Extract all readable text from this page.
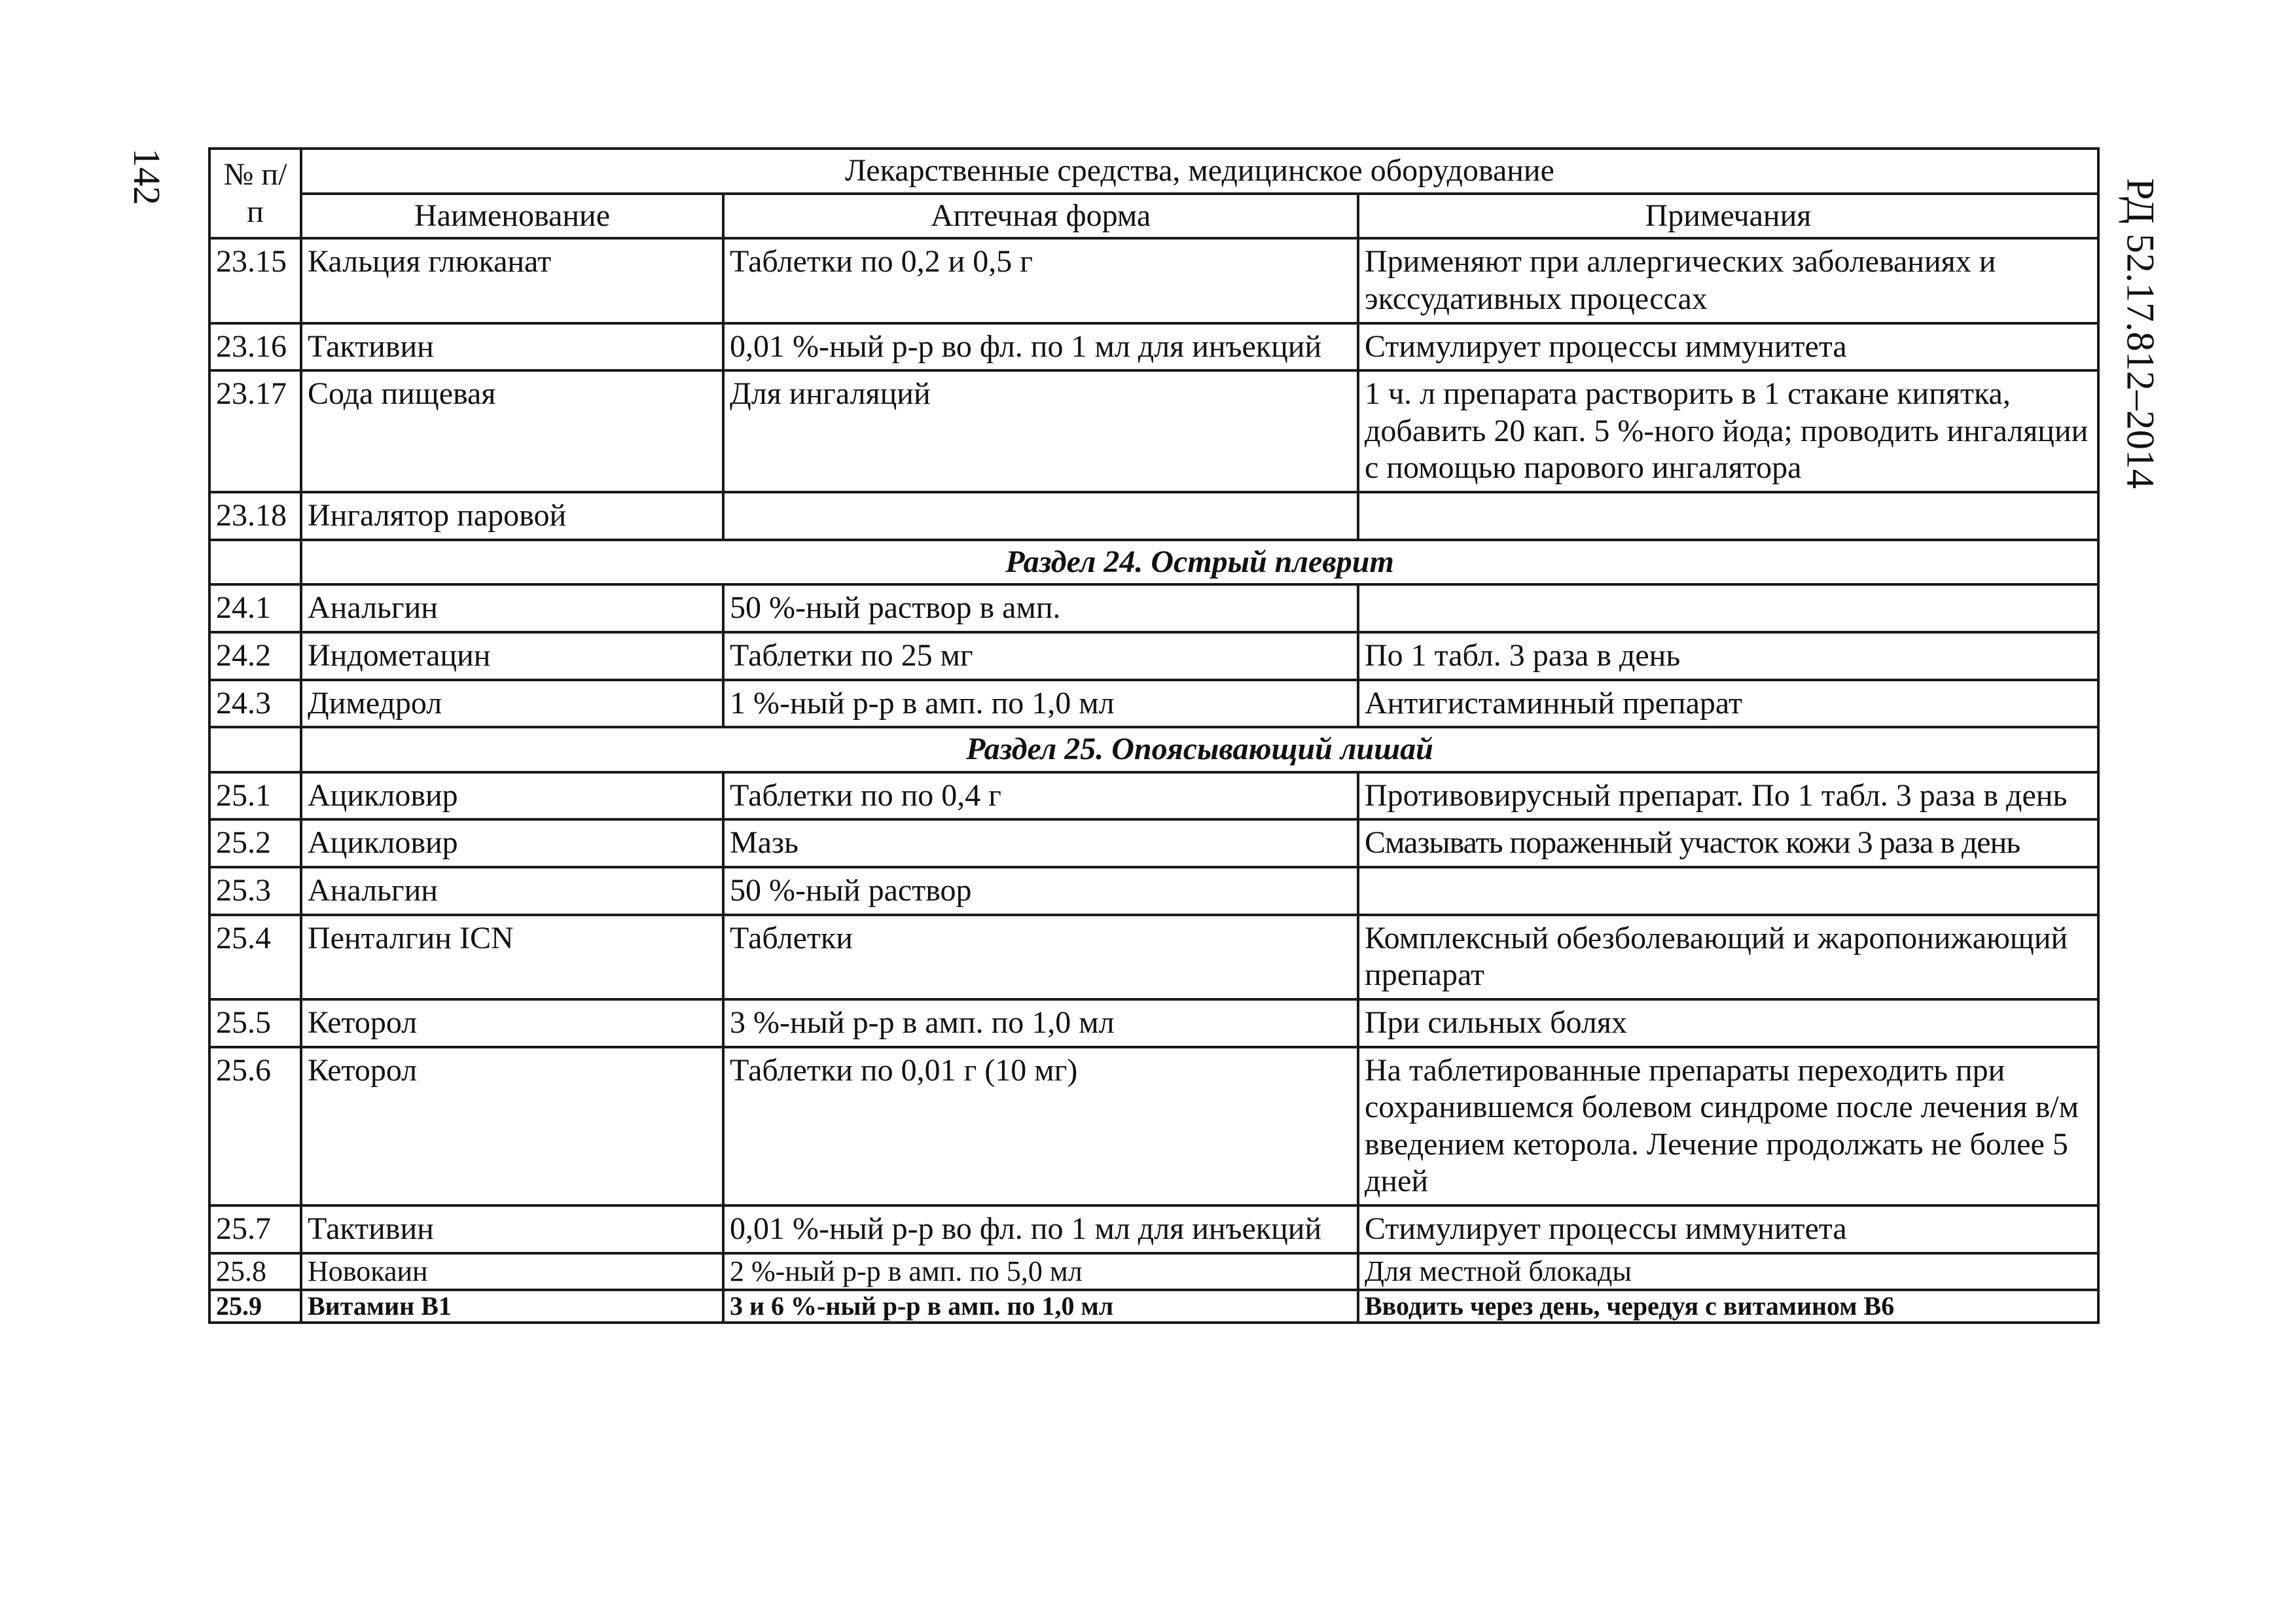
142
РД 52.17.812–2014
№ п/п	Лекарственные средства, медицинское оборудование		
	Наименование	Аптечная форма	Примечания
23.15	Кальция глюканат	Таблетки по 0,2 и 0,5 г	Применяют при аллергических заболеваниях и экссудативных процессах
23.16	Тактивин	0,01 %-ный р-р во фл. по 1 мл для инъекций	Стимулирует процессы иммунитета
23.17	Сода пищевая	Для ингаляций	1 ч. л препарата растворить в 1 стакане кипятка, добавить 20 кап. 5 %-ного йода; проводить ингаляции с помощью парового ингалятора
23.18	Ингалятор паровой		
	Раздел 24. Острый плеврит		
24.1	Анальгин	50 %-ный раствор в амп.	
24.2	Индометацин	Таблетки по 25 мг	По 1 табл. 3 раза в день
24.3	Димедрол	1 %-ный р-р в амп. по 1,0 мл	Антигистаминный препарат
	Раздел 25. Опоясывающий лишай		
25.1	Ацикловир	Таблетки по по 0,4 г	Противовирусный препарат. По 1 табл. 3 раза в день
25.2	Ацикловир	Мазь	Смазывать пораженный участок кожи 3 раза в день
25.3	Анальгин	50 %-ный раствор	
25.4	Пенталгин ICN	Таблетки	Комплексный обезболевающий и жаропонижающий препарат
25.5	Кеторол	3 %-ный р-р в амп. по 1,0 мл	При сильных болях
25.6	Кеторол	Таблетки по 0,01 г (10 мг)	На таблетированные препараты переходить при сохранившемся болевом синдроме после лечения в/м введением кеторола. Лечение продолжать не более 5 дней
25.7	Тактивин	0,01 %-ный р-р во фл. по 1 мл для инъекций	Стимулирует процессы иммунитета
25.8	Новокаин	2 %-ный р-р в амп. по 5,0 мл	Для местной блокады
25.9	Витамин В1	3 и 6 %-ный р-р в амп. по 1,0 мл	Вводить через день, чередуя с витамином В6
